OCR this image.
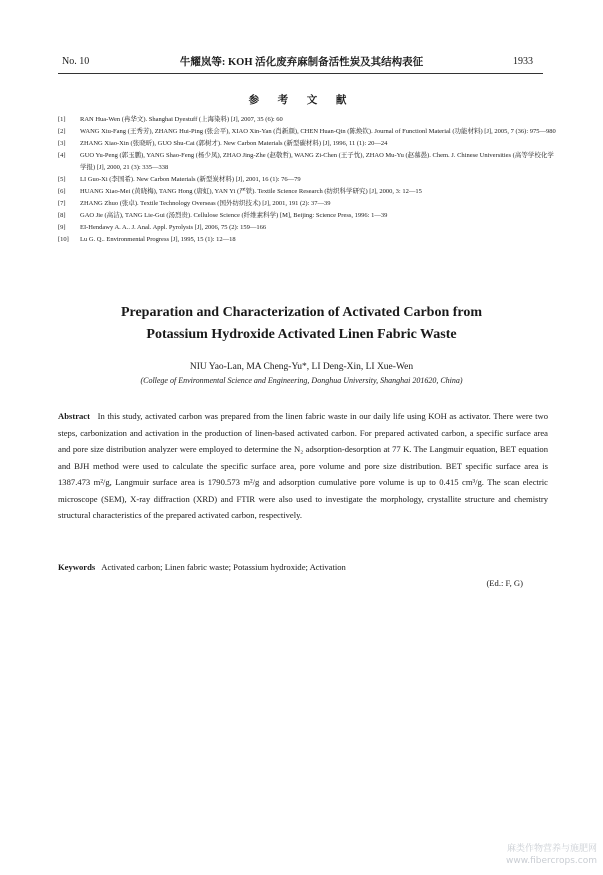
No. 10	牛耀岚等: KOH 活化废弃麻制备活性炭及其结构表征	1933
参 考 文 献
[1]	RAN Hua-Wen (冉华文). Shanghai Dyestuff (上海染料) [J], 2007, 35 (6): 60
[2]	WANG Xiu-Fang (王秀芳), ZHANG Hui-Ping (张会平), XIAO Xin-Yan (肖新颜), CHEN Huan-Qin (陈焕钦). Journal of Functionl Material (功能材料) [J], 2005, 7 (36): 975—980
[3]	ZHANG Xiao-Xin (张晓昕), GUO Shu-Cai (郭树才). New Carbon Materials (新型碳材料) [J], 1996, 11 (1): 20—24
[4]	GUO Yu-Peng (郭玉鹏), YANG Shao-Feng (杨少凤), ZHAO Jing-Zhe (赵敬哲), WANG Zi-Chen (王子忱), ZHAO Mu-Yu (赵慕愚). Chem. J. Chinese Universities (高等学校化学学报) [J], 2000, 21 (3): 335—338
[5]	LI Guo-Xi (李国希). New Carbon Materials (新型炭材料) [J], 2001, 16 (1): 76—79
[6]	HUANG Xiao-Mei (黄晓梅), TANG Hong (唐虹), YAN Yi (严铁). Textile Science Research (纺织科学研究) [J], 2000, 3: 12—15
[7]	ZHANG Zhuo (张卓). Textile Technology Overseas (国外纺织技术) [J], 2001, 191 (2): 37—39
[8]	GAO Jie (高洁), TANG Lie-Gui (汤烈贵). Cellulose Science (纤维素科学) [M], Beijing: Science Press, 1996: 1—39
[9]	EI-Hendawy A. A.. J. Anal. Appl. Pyrolysis [J], 2006, 75 (2): 159—166
[10]	Lu G. Q.. Environmental Progress [J], 1995, 15 (1): 12—18
Preparation and Characterization of Activated Carbon from
Potassium Hydroxide Activated Linen Fabric Waste
NIU Yao-Lan, MA Cheng-Yu*, LI Deng-Xin, LI Xue-Wen
(College of Environmental Science and Engineering, Donghua University, Shanghai 201620, China)
Abstract In this study, activated carbon was prepared from the linen fabric waste in our daily life using KOH as activator. There were two steps, carbonization and activation in the production of linen-based activated carbon. For prepared activated carbon, a specific surface area and pore size distribution analyzer were employed to determine the N₂ adsorption-desorption at 77 K. The Langmuir equation, BET equation and BJH method were used to calculate the specific surface area, pore volume and pore size distribution. BET specific surface area is 1387.473 m²/g, Langmuir surface area is 1790.573 m²/g and adsorption cumulative pore volume is up to 0.415 cm³/g. The scan electric microscope (SEM), X-ray diffraction (XRD) and FTIR were also used to investigate the morphology, crystallite structure and chemistry structural characteristics of the prepared activated carbon, respectively.
Keywords Activated carbon; Linen fabric waste; Potassium hydroxide; Activation
(Ed.: F, G)
麻类作物营养与施肥网
www.fibercrops.com
